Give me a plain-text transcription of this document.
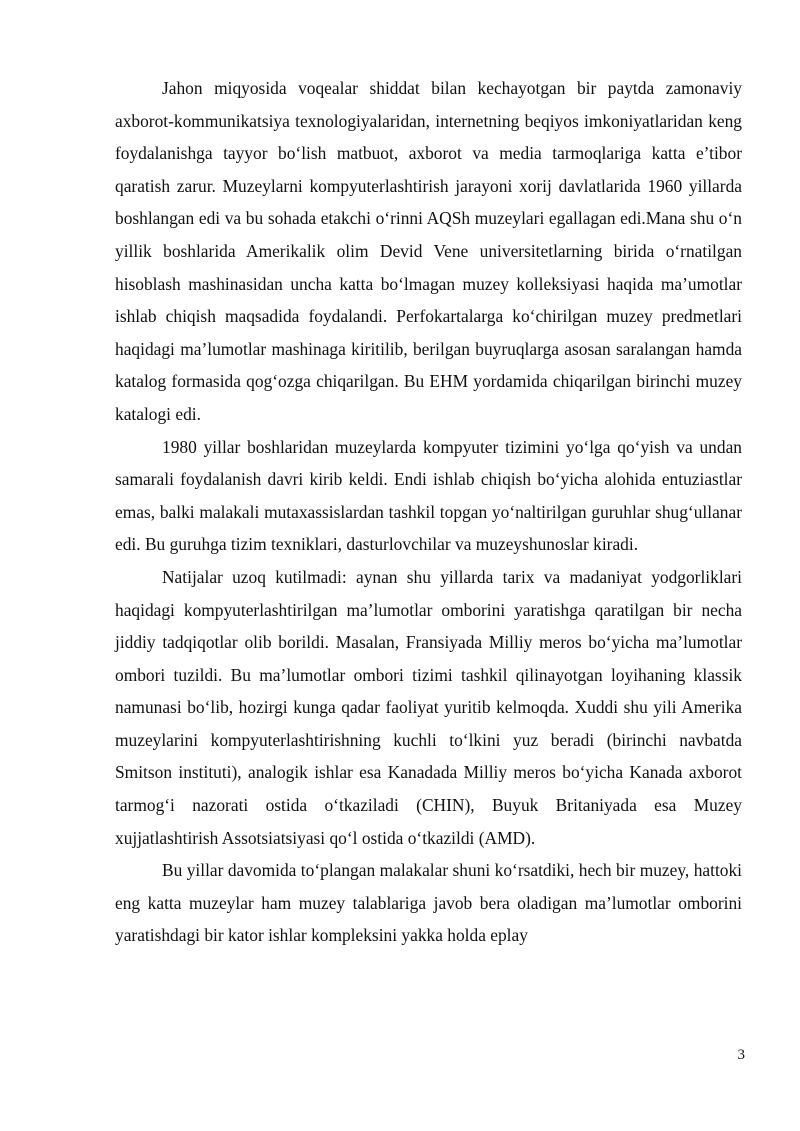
Jahon miqyosida voqealar shiddat bilan kechayotgan bir paytda zamonaviy axborot-kommunikatsiya texnologiyalaridan, internetning beqiyos imkoniyatlaridan keng foydalanishga tayyor bo‘lish matbuot, axborot va media tarmoqlariga katta e’tibor qaratish zarur. Muzeylarni kompyuterlashtirish jarayoni xorij davlatlarida 1960 yillarda boshlangan edi va bu sohada etakchi o‘rinni AQSh muzeylari egallagan edi.Mana shu o‘n yillik boshlarida Amerikalik olim Devid Vene universitetlarning birida o‘rnatilgan hisoblash mashinasidan uncha katta bo‘lmagan muzey kolleksiyasi haqida ma’umotlar ishlab chiqish maqsadida foydalandi. Perfokartalarga ko‘chirilgan muzey predmetlari haqidagi ma’lumotlar mashinaga kiritilib, berilgan buyruqlarga asosan saralangan hamda katalog formasida qog‘ozga chiqarilgan. Bu EHM yordamida chiqarilgan birinchi muzey katalogi edi.

1980 yillar boshlaridan muzeylarda kompyuter tizimini yo‘lga qo‘yish va undan samarali foydalanish davri kirib keldi. Endi ishlab chiqish bo‘yicha alohida entuziastlar emas, balki malakali mutaxassislardan tashkil topgan yo‘naltirilgan guruhlar shug‘ullanar edi. Bu guruhga tizim texniklari, dasturlovchilar va muzeyshunoslar kiradi.

Natijalar uzoq kutilmadi: aynan shu yillarda tarix va madaniyat yodgorliklari haqidagi kompyuterlashtirilgan ma’lumotlar omborini yaratishga qaratilgan bir necha jiddiy tadqiqotlar olib borildi. Masalan, Fransiyada Milliy meros bo‘yicha ma’lumotlar ombori tuzildi. Bu ma’lumotlar ombori tizimi tashkil qilinayotgan loyihaning klassik namunasi bo‘lib, hozirgi kunga qadar faoliyat yuritib kelmoqda. Xuddi shu yili Amerika muzeylarini kompyuterlashtirishning kuchli to‘lkini yuz beradi (birinchi navbatda Smitson instituti), analogik ishlar esa Kanadada Milliy meros bo‘yicha Kanada axborot tarmog‘i nazorati ostida o‘tkaziladi (CHIN), Buyuk Britaniyada esa Muzey xujjatlashtirish Assotsiatsiyasi qo‘l ostida o‘tkazildi (AMD).

Bu yillar davomida to‘plangan malakalar shuni ko‘rsatdiki, hech bir muzey, hattoki eng katta muzeylar ham muzey talablariga javob bera oladigan ma’lumotlar omborini yaratishdagi bir kator ishlar kompleksini yakka holda eplay

3
